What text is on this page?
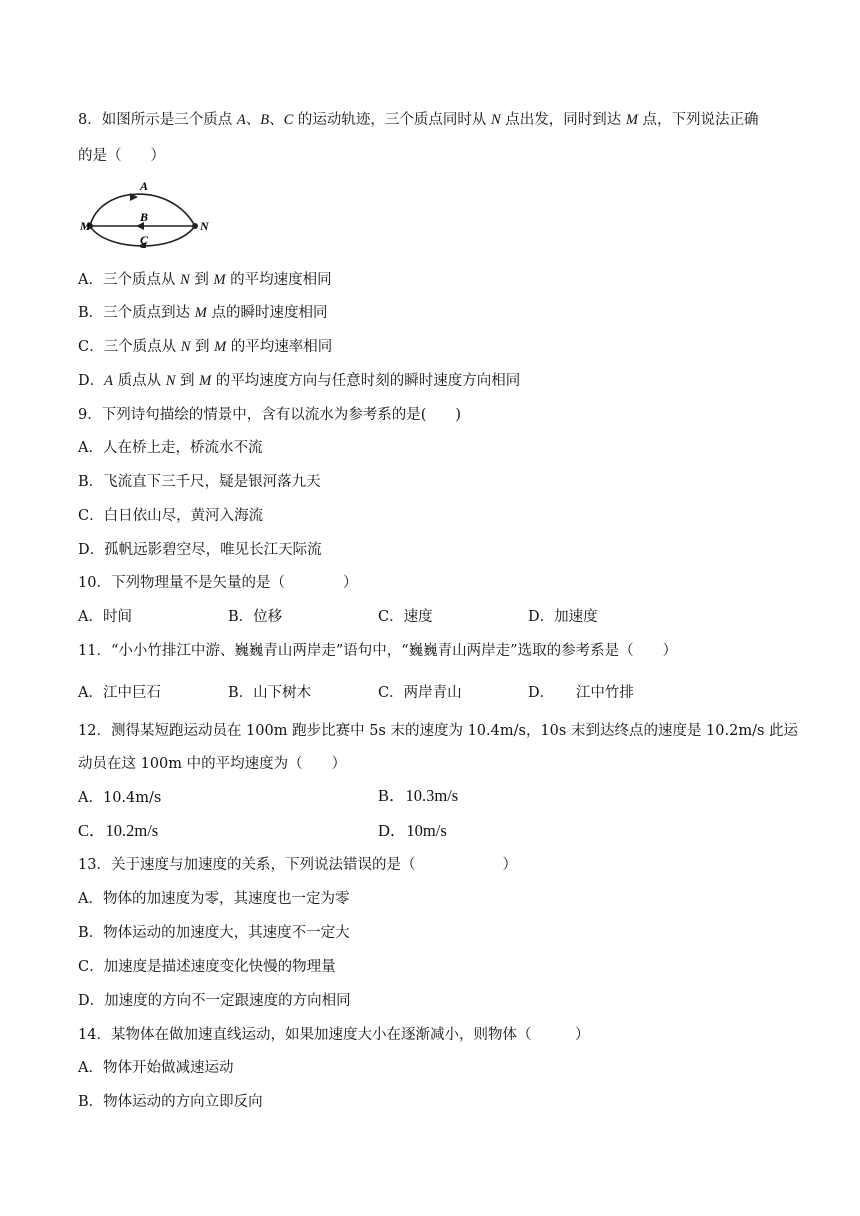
8．如图所示是三个质点 A、B、C 的运动轨迹，三个质点同时从 N 点出发，同时到达 M 点，下列说法正确
的是（　　）
A
B
C
M	N
A．三个质点从 N 到 M 的平均速度相同
B．三个质点到达 M 点的瞬时速度相同
C．三个质点从 N 到 M 的平均速率相同
D．A 质点从 N 到 M 的平均速度方向与任意时刻的瞬时速度方向相同
9．下列诗句描绘的情景中，含有以流水为参考系的是(　　)
A．人在桥上走，桥流水不流
B．飞流直下三千尺，疑是银河落九天
C．白日依山尽，黄河入海流
D．孤帆远影碧空尽，唯见长江天际流
10．下列物理量不是矢量的是（　　　　）
A．时间	B．位移	C．速度	D．加速度
11．“小小竹排江中游、巍巍青山两岸走”语句中，“巍巍青山两岸走”选取的参考系是（　　）
A．江中巨石	B．山下树木	C．两岸青山	D．　　江中竹排
12．测得某短跑运动员在 100m 跑步比赛中 5s 末的速度为 10.4m/s，10s 末到达终点的速度是 10.2m/s 此运
动员在这 100m 中的平均速度为（　　）
A．10.4m/s	B．10.3m/s
C．10.2m/s	D．10m/s
13．关于速度与加速度的关系，下列说法错误的是（　　　　　　）
A．物体的加速度为零，其速度也一定为零
B．物体运动的加速度大，其速度不一定大
C．加速度是描述速度变化快慢的物理量
D．加速度的方向不一定跟速度的方向相同
14．某物体在做加速直线运动，如果加速度大小在逐渐减小，则物体（　　　）
A．物体开始做减速运动
B．物体运动的方向立即反向
